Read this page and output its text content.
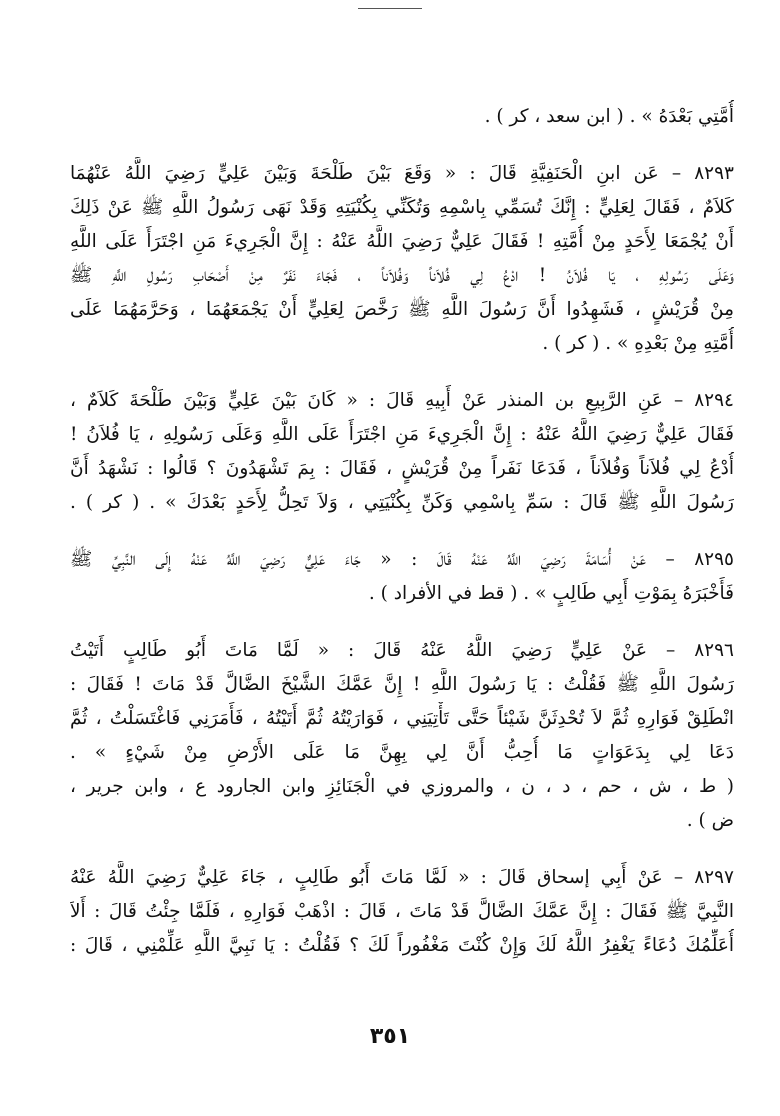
أُمَّتِي بَعْدَهُ » . ( ابن سعد ، كر ) .
٨٢٩٣ – عَن ابنِ الْحَنَفِيَّةِ قَالَ : « وَقَعَ بَيْنَ طَلْحَةَ وَبَيْنَ عَلِيٍّ رَضِيَ اللَّهُ عَنْهُمَا
كَلاَمٌ ، فَقَالَ لِعَلِيٍّ : إِنَّكَ تُسَمِّي بِاسْمِهِ وَتُكَنِّي بِكُنْيَتِهِ وَقَدْ نَهَى رَسُولُ اللَّهِ ﷺ عَنْ ذَلِكَ
أَنْ يُجْمَعَا لِأَحَدٍ مِنْ أُمَّتِهِ ! فَقَالَ عَلِيٌّ رَضِيَ اللَّهُ عَنْهُ : إِنَّ الْجَرِيءَ مَنِ اجْتَرَأَ عَلَى اللَّهِ
وَعَلَى رَسُولِهِ ، يَا فُلاَنُ ! ادْعُ لِي فُلاَناً وَفُلاَناً ، فَجَاءَ نَفَرٌ مِنْ أَصْحَابِ رَسُولِ اللَّهِ ﷺ
مِنْ قُرَيْشٍ ، فَشَهِدُوا أَنَّ رَسُولَ اللَّهِ ﷺ رَخَّصَ لِعَلِيٍّ أَنْ يَجْمَعَهُمَا ، وَحَرَّمَهُمَا عَلَى
أُمَّتِهِ مِنْ بَعْدِهِ » . ( كر ) .
٨٢٩٤ – عَنِ الرَّبِيعِ بن المنذر عَنْ أَبِيهِ قَالَ : « كَانَ بَيْنَ عَلِيٍّ وَبَيْنَ طَلْحَةَ كَلاَمٌ ،
فَقَالَ عَلِيٌّ رَضِيَ اللَّهُ عَنْهُ : إِنَّ الْجَرِيءَ مَنِ اجْتَرَأَ عَلَى اللَّهِ وَعَلَى رَسُولِهِ ، يَا فُلاَنُ !
أُدْعُ لِي فُلاَناً وَفُلاَناً ، فَدَعَا نَفَراً مِنْ قُرَيْشٍ ، فَقَالَ : بِمَ تَشْهَدُونَ ؟ قَالُوا : نَشْهَدُ أَنَّ
رَسُولَ اللَّهِ ﷺ قَالَ : سَمِّ بِاسْمِي وَكَنِّ بِكُنْيَتِي ، وَلاَ تَحِلُّ لِأَحَدٍ بَعْدَكَ » . ( كر ) .
٨٢٩٥ – عَنْ أُسَامَةَ رَضِيَ اللَّهُ عَنْهُ قَالَ : « جَاءَ عَلِيٌّ رَضِيَ اللَّهُ عَنْهُ إِلَى النَّبِيِّ ﷺ
فَأَخْبَرَهُ بِمَوْتِ أَبِي طَالِبٍ » . ( قط في الأفراد ) .
٨٢٩٦ – عَنْ عَلِيٍّ رَضِيَ اللَّهُ عَنْهُ قَالَ : « لَمَّا مَاتَ أَبُو طَالِبٍ أَتَيْتُ
رَسُولَ اللَّهِ ﷺ فَقُلْتُ : يَا رَسُولَ اللَّهِ ! إِنَّ عَمَّكَ الشَّيْخَ الضَّالَّ قَدْ مَاتَ ! فَقَالَ :
انْطَلِقْ فَوَارِهِ ثُمَّ لاَ تُحْدِثَنَّ شَيْئاً حَتَّى تَأْتِيَنِي ، فَوَارَيْتُهُ ثُمَّ أَتَيْتُهُ ، فَأَمَرَنِي فَاغْتَسَلْتُ ، ثُمَّ
دَعَا لِي بِدَعَوَاتٍ مَا أُحِبُّ أَنَّ لِي بِهِنَّ مَا عَلَى الأَرْضِ مِنْ شَيْءٍ » .
( ط ، ش ، حم ، د ، ن ، والمروزي في الْجَنَائِزِ وابن الجارود ع ، وابن جرير ،
ض ) .
٨٢٩٧ – عَنْ أَبِي إسحاق قَالَ : « لَمَّا مَاتَ أَبُو طَالِبٍ ، جَاءَ عَلِيٌّ رَضِيَ اللَّهُ عَنْهُ
النَّبِيَّ ﷺ فَقَالَ : إِنَّ عَمَّكَ الضَّالَّ قَدْ مَاتَ ، قَالَ : اذْهَبْ فَوَارِهِ ، فَلَمَّا جِئْتُ قَالَ : أَلاَ
أُعَلِّمُكَ دُعَاءً يَغْفِرُ اللَّهُ لَكَ وَإِنْ كُنْتَ مَغْفُوراً لَكَ ؟ فَقُلْتُ : يَا نَبِيَّ اللَّهِ عَلِّمْنِي ، قَالَ :
٣٥١
